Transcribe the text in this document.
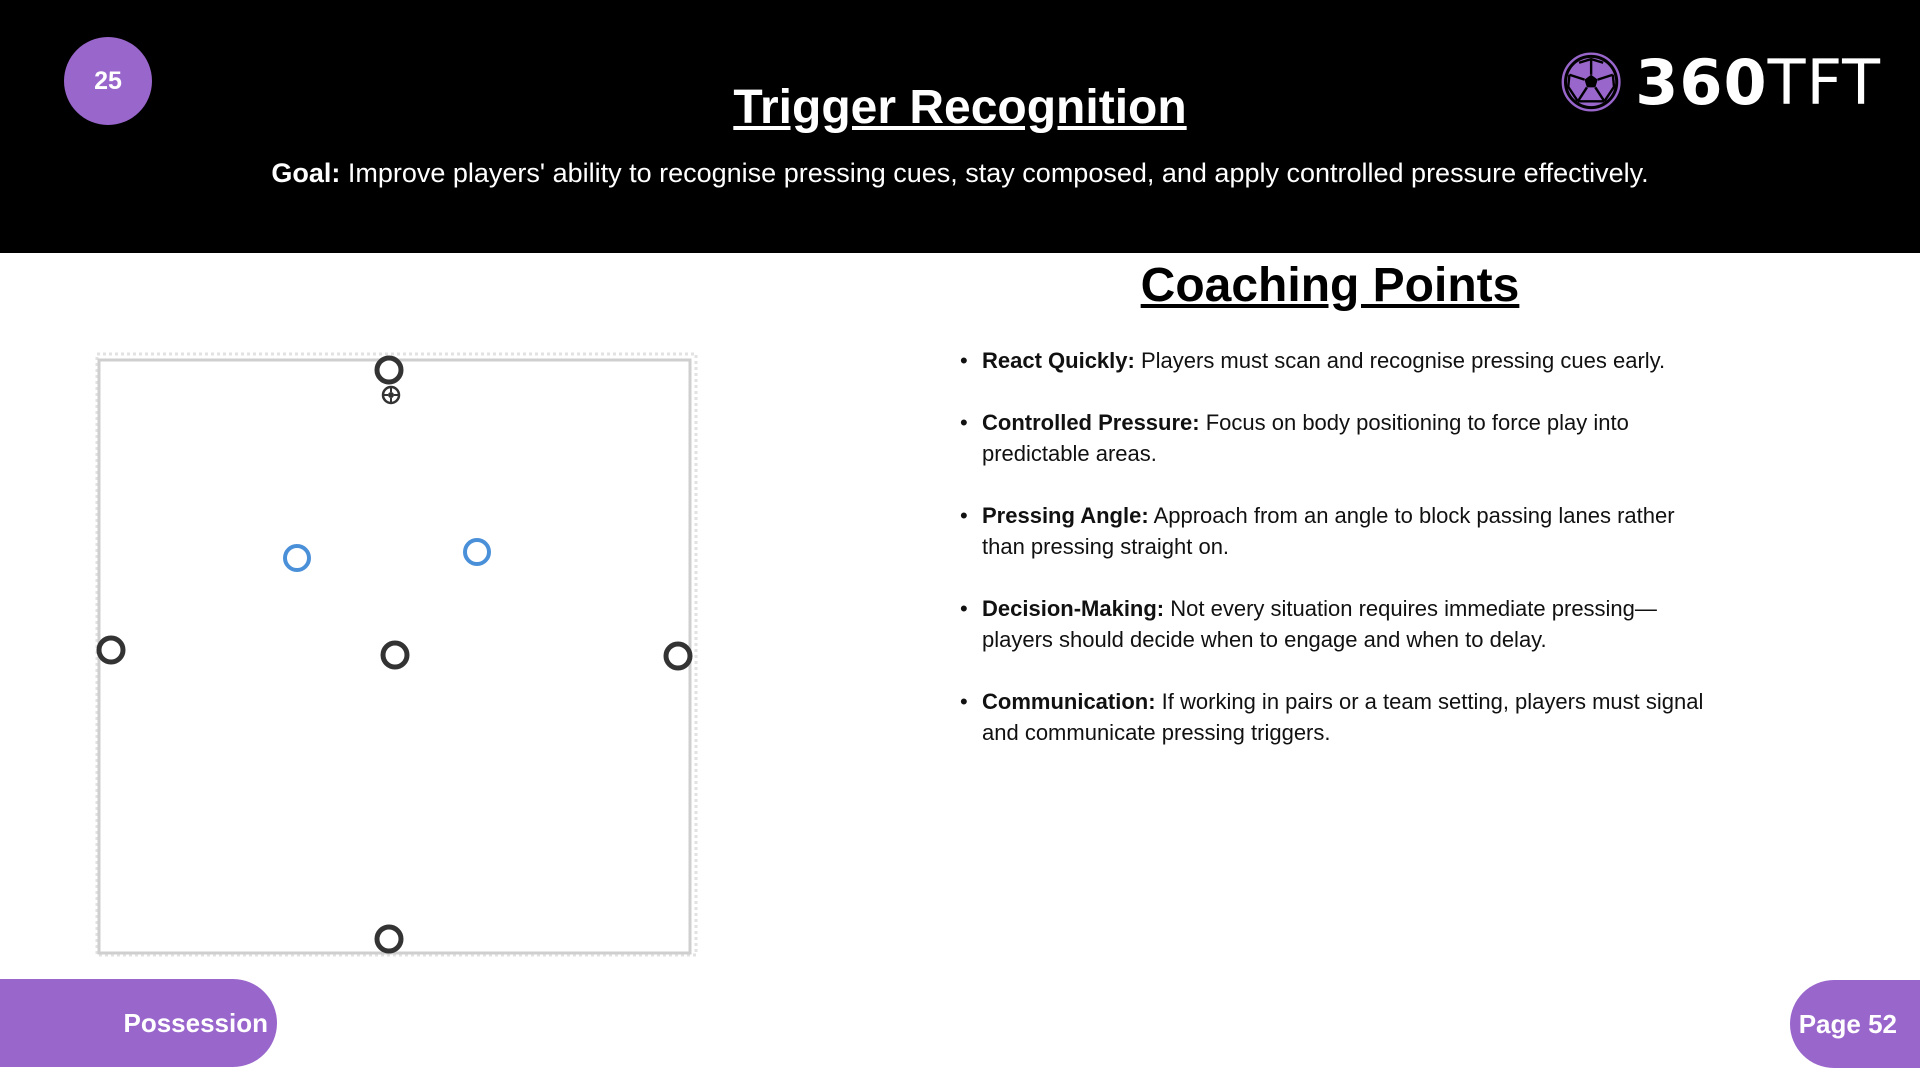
25
Trigger Recognition
Goal: Improve players' ability to recognise pressing cues, stay composed, and apply controlled pressure effectively.
360TFT
Coaching Points
• React Quickly: Players must scan and recognise pressing cues early.
• Controlled Pressure: Focus on body positioning to force play into predictable areas.
• Pressing Angle: Approach from an angle to block passing lanes rather than pressing straight on.
• Decision-Making: Not every situation requires immediate pressing—players should decide when to engage and when to delay.
• Communication: If working in pairs or a team setting, players must signal and communicate pressing triggers.
Possession	Page 52
